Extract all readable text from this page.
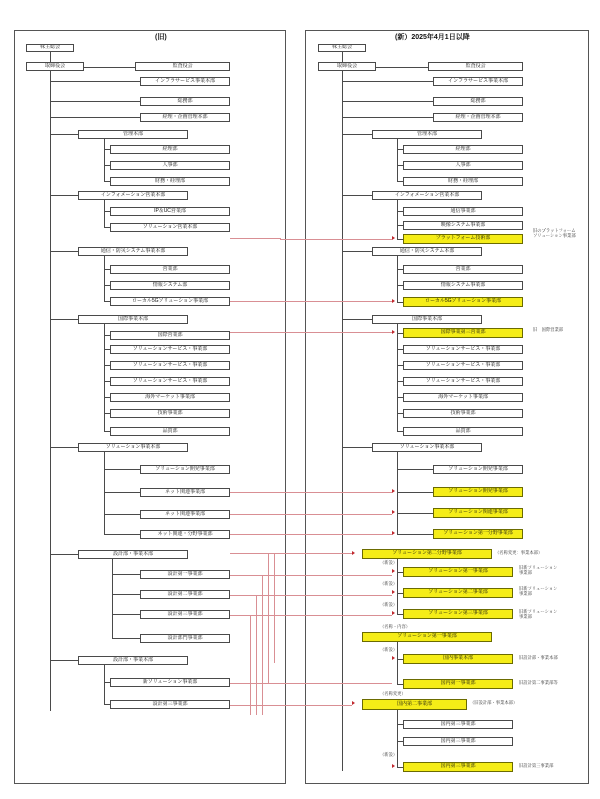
(旧)	(新）2025年4月1日以降
株主総会
取締役会	監査役会
インフラサービス事業本部
総務部
経理・企画管理本部
管理本部
経理部
人事部
財務・経理部
インフォメーション営業本部
IP＆UC営業部
ソリューション営業本部
通信・防災システム事業本部
営業部
情報システム部
ローカル5Gソリューション事業部
国際事業本部
国際営業部
ソリューションサービス・事業部
ソリューションサービス・事業部
ソリューションサービス・事業部
海外マーケット事業部
技術事業部
品質部
ソリューション事業本部
ソリューション開発事業部
ネット関連事業部
ネット関連事業部
ネット関連・分野事業部
設計部・事業本部
設計第一事業部
設計第二事業部
設計第三事業部
設計部門事業部
設計部・事業本部
新ソリューション事業部
設計第三事業部
株主総会
取締役会	監査役会
インフラサービス事業本部
総務部
経理・企画管理本部
管理本部
経理部
人事部
財務・経理部
インフォメーション営業本部
通信事業部
映像システム事業部
プラットフォーム技術部
旧のプラットフォーム
ソリューション事業部
通信・防災システム本部
営業部
情報システム事業部
ローカル5Gソリューション事業部
国際事業本部
国際事業第三営業部
ソリューションサービス・事業部
ソリューションサービス・事業部
ソリューションサービス・事業部
海外マーケット事業部
技術事業部
品質部
旧　国際営業部
ソリューション事業本部
ソリューション開発事業部
ソリューション開発事業部
ソリューション関連事業部
ソリューション第一分野事業部
ソリューション第二分野事業部	（名称変更：事業本部）
ソリューション第一事業部
ソリューション第二事業部
ソリューション第三事業部
旧新ソリューション
事業部
旧新ソリューション
事業部
旧新ソリューション
事業部
（新設）
（新設）
（新設）
（名称・内容）
ソリューション第一事業部
国内事業本部
国内第一事業部
（新設）
旧設計部・事業本部
旧設計第二事業部等
（名称変更）
国内第二事業部	（旧設計部・事業本部）
国内第三事業部
国内第三事業部
国内第三事業部
（新設）
旧設計第三事業部
